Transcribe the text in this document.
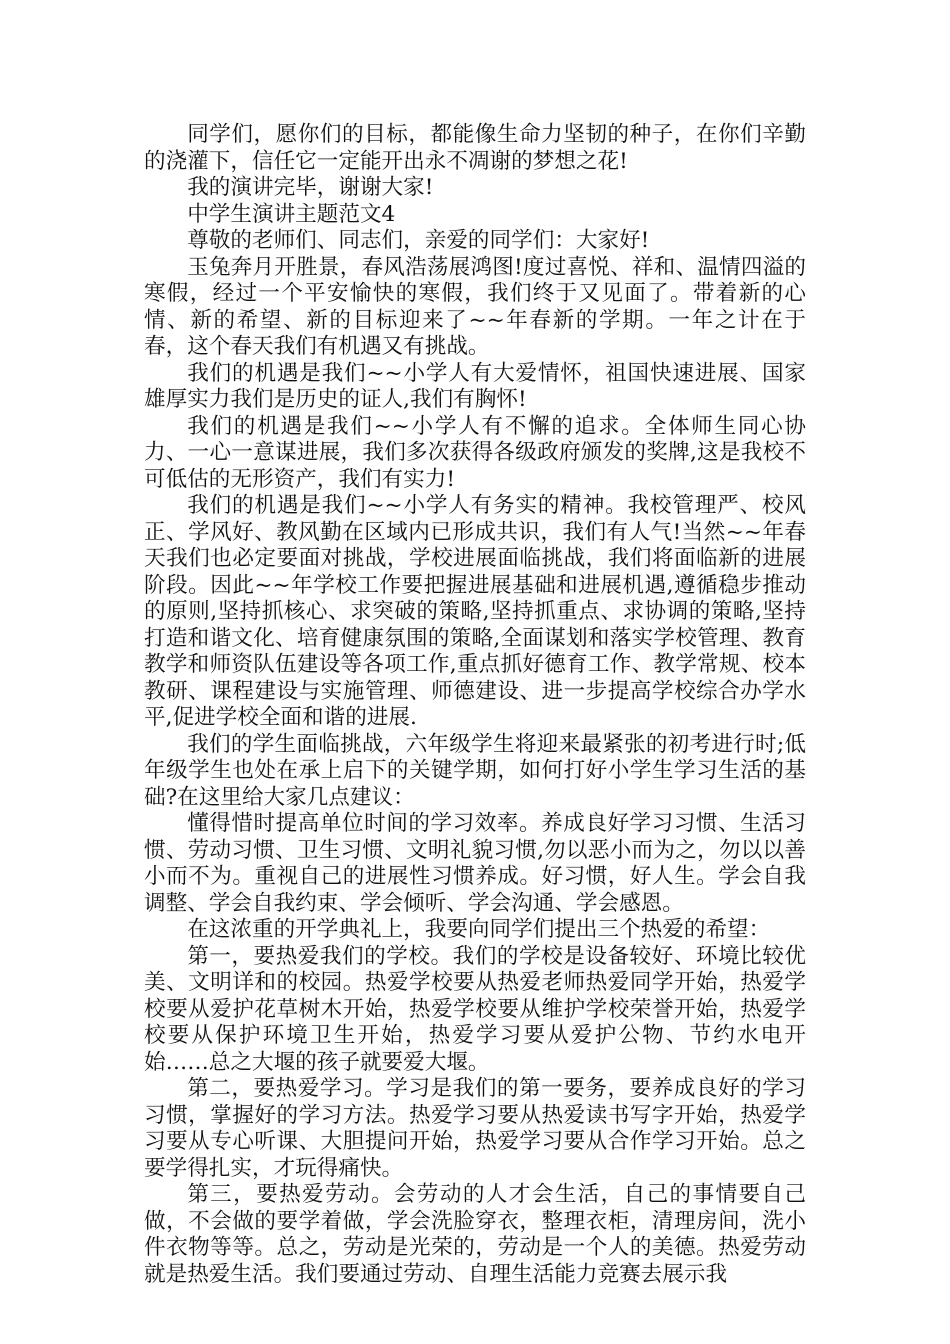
同学们，愿你们的目标，都能像生命力坚韧的种子，在你们辛勤的浇灌下，信任它一定能开出永不凋谢的梦想之花!

我的演讲完毕，谢谢大家!

中学生演讲主题范文4

尊敬的老师们、同志们，亲爱的同学们：大家好!

玉兔奔月开胜景，春风浩荡展鸿图!度过喜悦、祥和、温情四溢的寒假，经过一个平安愉快的寒假，我们终于又见面了。带着新的心情、新的希望、新的目标迎来了~~年春新的学期。一年之计在于春，这个春天我们有机遇又有挑战。

我们的机遇是我们~~小学人有大爱情怀，祖国快速进展、国家雄厚实力我们是历史的证人,我们有胸怀!

我们的机遇是我们~~小学人有不懈的追求。全体师生同心协力、一心一意谋进展，我们多次获得各级政府颁发的奖牌,这是我校不可低估的无形资产，我们有实力!

我们的机遇是我们~~小学人有务实的精神。我校管理严、校风正、学风好、教风勤在区域内已形成共识，我们有人气!当然~~年春天我们也必定要面对挑战，学校进展面临挑战，我们将面临新的进展阶段。因此~~年学校工作要把握进展基础和进展机遇,遵循稳步推动的原则,坚持抓核心、求突破的策略,坚持抓重点、求协调的策略,坚持打造和谐文化、培育健康氛围的策略,全面谋划和落实学校管理、教育教学和师资队伍建设等各项工作,重点抓好德育工作、教学常规、校本教研、课程建设与实施管理、师德建设、进一步提高学校综合办学水平,促进学校全面和谐的进展.

我们的学生面临挑战，六年级学生将迎来最紧张的初考进行时;低年级学生也处在承上启下的关键学期，如何打好小学生学习生活的基础?在这里给大家几点建议：

懂得惜时提高单位时间的学习效率。养成良好学习习惯、生活习惯、劳动习惯、卫生习惯、文明礼貌习惯,勿以恶小而为之，勿以以善小而不为。重视自己的进展性习惯养成。好习惯，好人生。学会自我调整、学会自我约束、学会倾听、学会沟通、学会感恩。

在这浓重的开学典礼上，我要向同学们提出三个热爱的希望：

第一，要热爱我们的学校。我们的学校是设备较好、环境比较优美、文明详和的校园。热爱学校要从热爱老师热爱同学开始，热爱学校要从爱护花草树木开始，热爱学校要从维护学校荣誉开始，热爱学校要从保护环境卫生开始，热爱学习要从爱护公物、节约水电开始……总之大堰的孩子就要爱大堰。

第二，要热爱学习。学习是我们的第一要务，要养成良好的学习习惯，掌握好的学习方法。热爱学习要从热爱读书写字开始，热爱学习要从专心听课、大胆提问开始，热爱学习要从合作学习开始。总之要学得扎实，才玩得痛快。

第三，要热爱劳动。会劳动的人才会生活，自己的事情要自己做，不会做的要学着做，学会洗脸穿衣，整理衣柜，清理房间，洗小件衣物等等。总之，劳动是光荣的，劳动是一个人的美德。热爱劳动就是热爱生活。我们要通过劳动、自理生活能力竞赛去展示我
